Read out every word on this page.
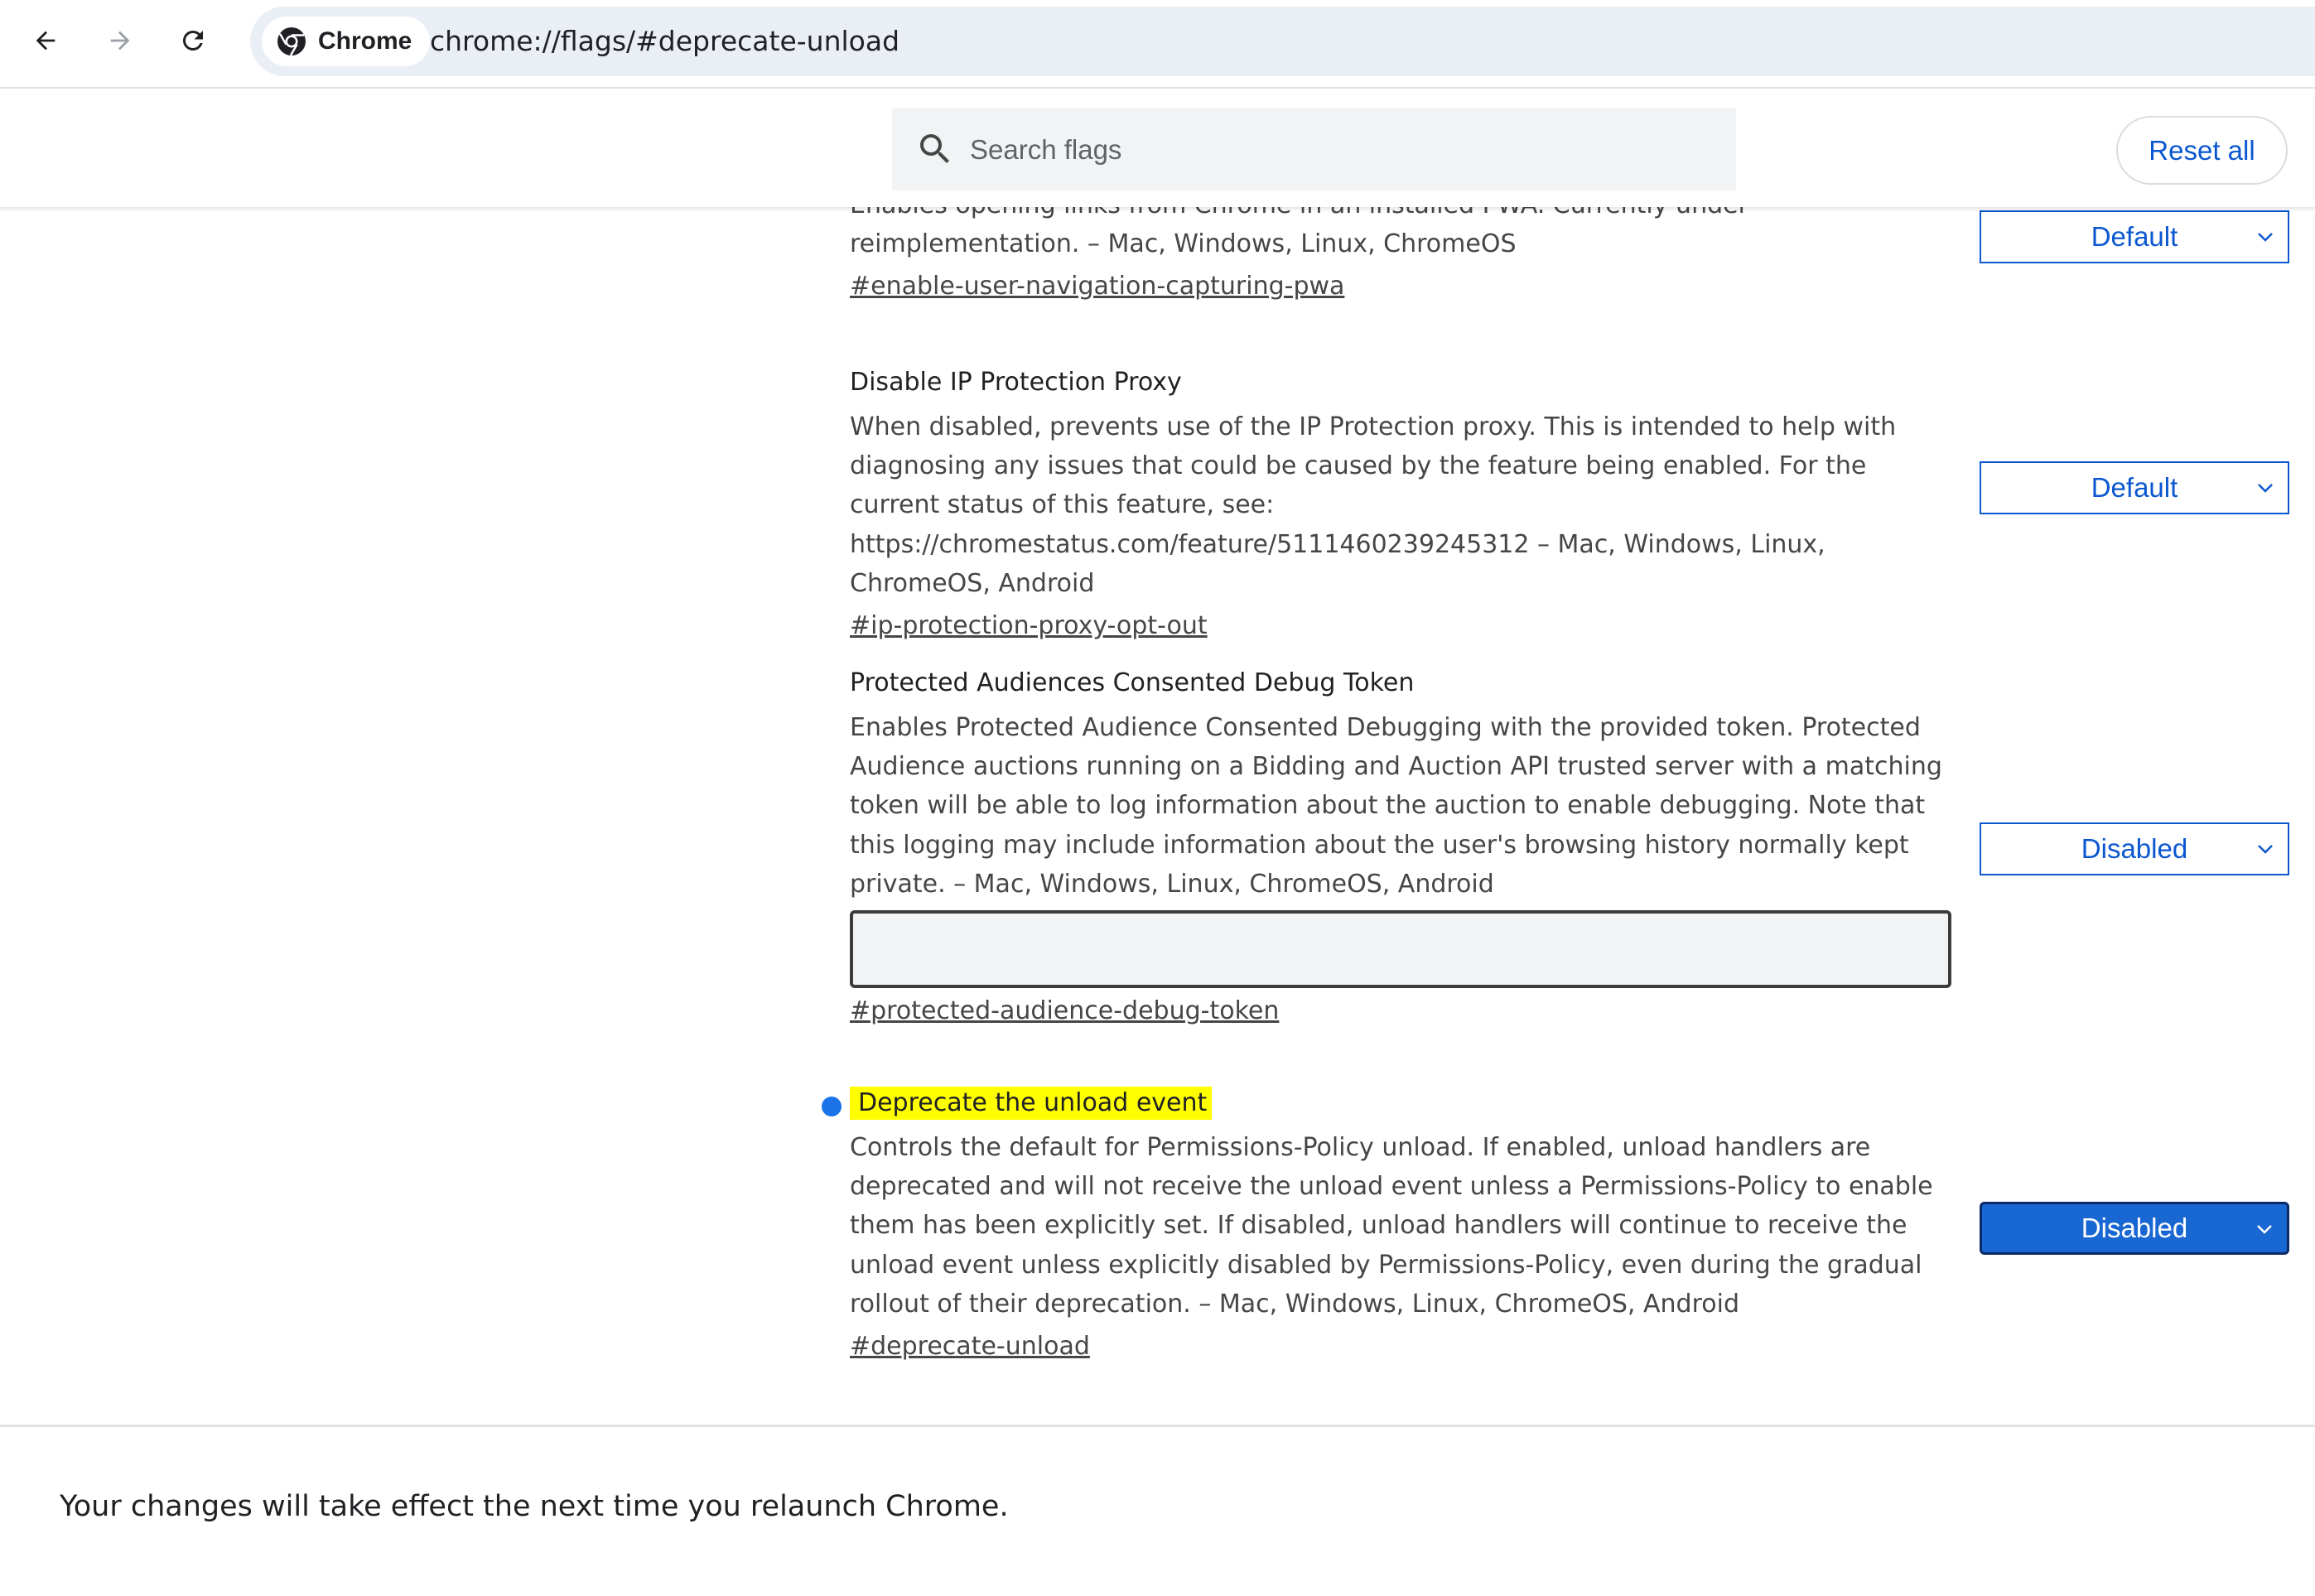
Chrome chrome://flags/#deprecate-unload
Search flags
Reset all

reimplementation. – Mac, Windows, Linux, ChromeOS

#enable-user-navigation-capturing-pwa
Default
Disable IP Protection Proxy

When disabled, prevents use of the IP Protection proxy. This is intended to help with diagnosing any issues that could be caused by the feature being enabled. For the current status of this feature, see: https://chromestatus.com/feature/5111460239245312 – Mac, Windows, Linux, ChromeOS, Android

#ip-protection-proxy-opt-out
Default
Protected Audiences Consented Debug Token

Enables Protected Audience Consented Debugging with the provided token. Protected Audience auctions running on a Bidding and Auction API trusted server with a matching token will be able to log information about the auction to enable debugging. Note that this logging may include information about the user's browsing history normally kept private. – Mac, Windows, Linux, ChromeOS, Android

#protected-audience-debug-token
Disabled
Deprecate the unload event

Controls the default for Permissions-Policy unload. If enabled, unload handlers are deprecated and will not receive the unload event unless a Permissions-Policy to enable them has been explicitly set. If disabled, unload handlers will continue to receive the unload event unless explicitly disabled by Permissions-Policy, even during the gradual rollout of their deprecation. – Mac, Windows, Linux, ChromeOS, Android

#deprecate-unload
Disabled
Your changes will take effect the next time you relaunch Chrome.
